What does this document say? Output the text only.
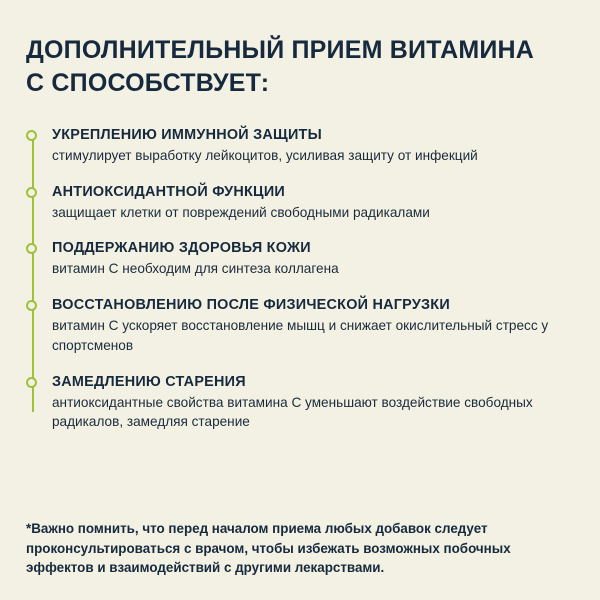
ДОПОЛНИТЕЛЬНЫЙ ПРИЕМ ВИТАМИНА C СПОСОБСТВУЕТ:
УКРЕПЛЕНИЮ ИММУННОЙ ЗАЩИТЫ
стимулирует выработку лейкоцитов, усиливая защиту от инфекций
АНТИОКСИДАНТНОЙ ФУНКЦИИ
защищает клетки от повреждений свободными радикалами
ПОДДЕРЖАНИЮ ЗДОРОВЬЯ КОЖИ
витамин C необходим для синтеза коллагена
ВОССТАНОВЛЕНИЮ ПОСЛЕ ФИЗИЧЕСКОЙ НАГРУЗКИ
витамин C ускоряет восстановление мышц и снижает окислительный стресс у спортсменов
ЗАМЕДЛЕНИЮ СТАРЕНИЯ
антиоксидантные свойства витамина C уменьшают воздействие свободных радикалов, замедляя старение
*Важно помнить, что перед началом приема любых добавок следует проконсультироваться с врачом, чтобы избежать возможных побочных эффектов и взаимодействий с другими лекарствами.
